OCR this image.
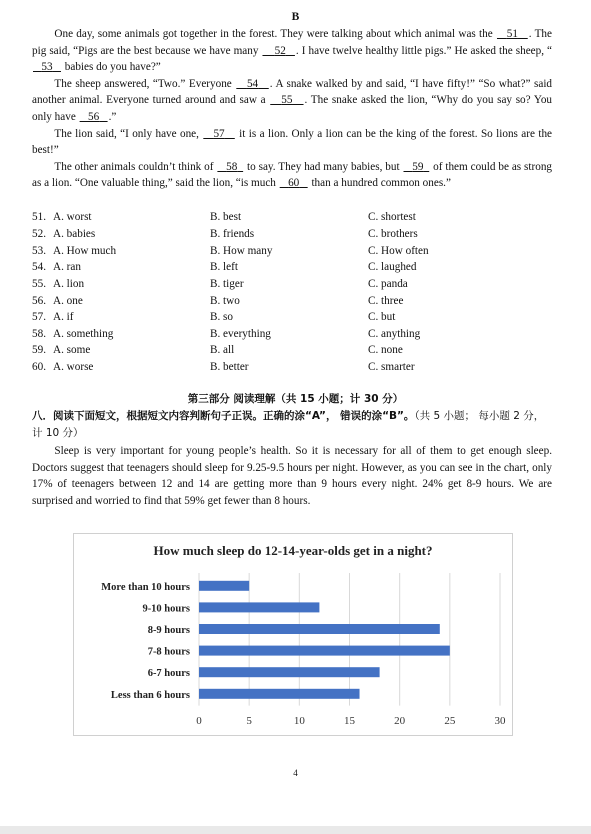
B

One day, some animals got together in the forest. They were talking about which animal was the    51 . The pig said, “Pigs are the best because we have many     52 . I have twelve healthy little pigs.” He asked the sheep, “    53    babies do you have?”

The sheep answered, “Two.” Everyone    54 . A snake walked by and said, “I have fifty!” “So what?” said another animal. Everyone turned around and saw a    55 . The snake asked the lion, “Why do you say so? You only have    56 .”

The lion said, “I only have one,    57    it is a lion. Only a lion can be the king of the forest. So lions are the best!”

The other animals couldn’t think of    58   to say. They had many babies, but    59   of them could be as strong as a lion. “One valuable thing,” said the lion, “is much    60    than a hundred common ones.”

51. A. worst	B. best	C. shortest
52. A. babies	B. friends	C. brothers
53. A. How much	B. How many	C. How often
54. A. ran	B. left	C. laughed
55. A. lion	B. tiger	C. panda
56. A. one	B. two	C. three
57. A. if	B. so	C. but
58. A. something	B. everything	C. anything
59. A. some	B. all	C. none
60. A. worse	B. better	C. smarter
第三部分 阅读理解（共 15 小题；计 30 分）
八．阅读下面短文，根据短文内容判断句子正误。正确的涂“A”， 错误的涂“B”。（共 5 小题； 每小题 2 分，计 10 分）

Sleep is very important for young people’s health. So it is necessary for all of them to get enough sleep. Doctors suggest that teenagers should sleep for 9.25-9.5 hours per night. However, as you can see in the chart, only 17% of teenagers between 12 and 14 are getting more than 9 hours every night. 24% get 8-9 hours. We are surprised and worried to find that 59% get fewer than 8 hours.

How much sleep do 12-14-year-olds get in a night?
0	5	10	15	20	25	30
More than 10 hours
9-10 hours
8-9 hours
7-8 hours
6-7 hours
Less than 6 hours
4
